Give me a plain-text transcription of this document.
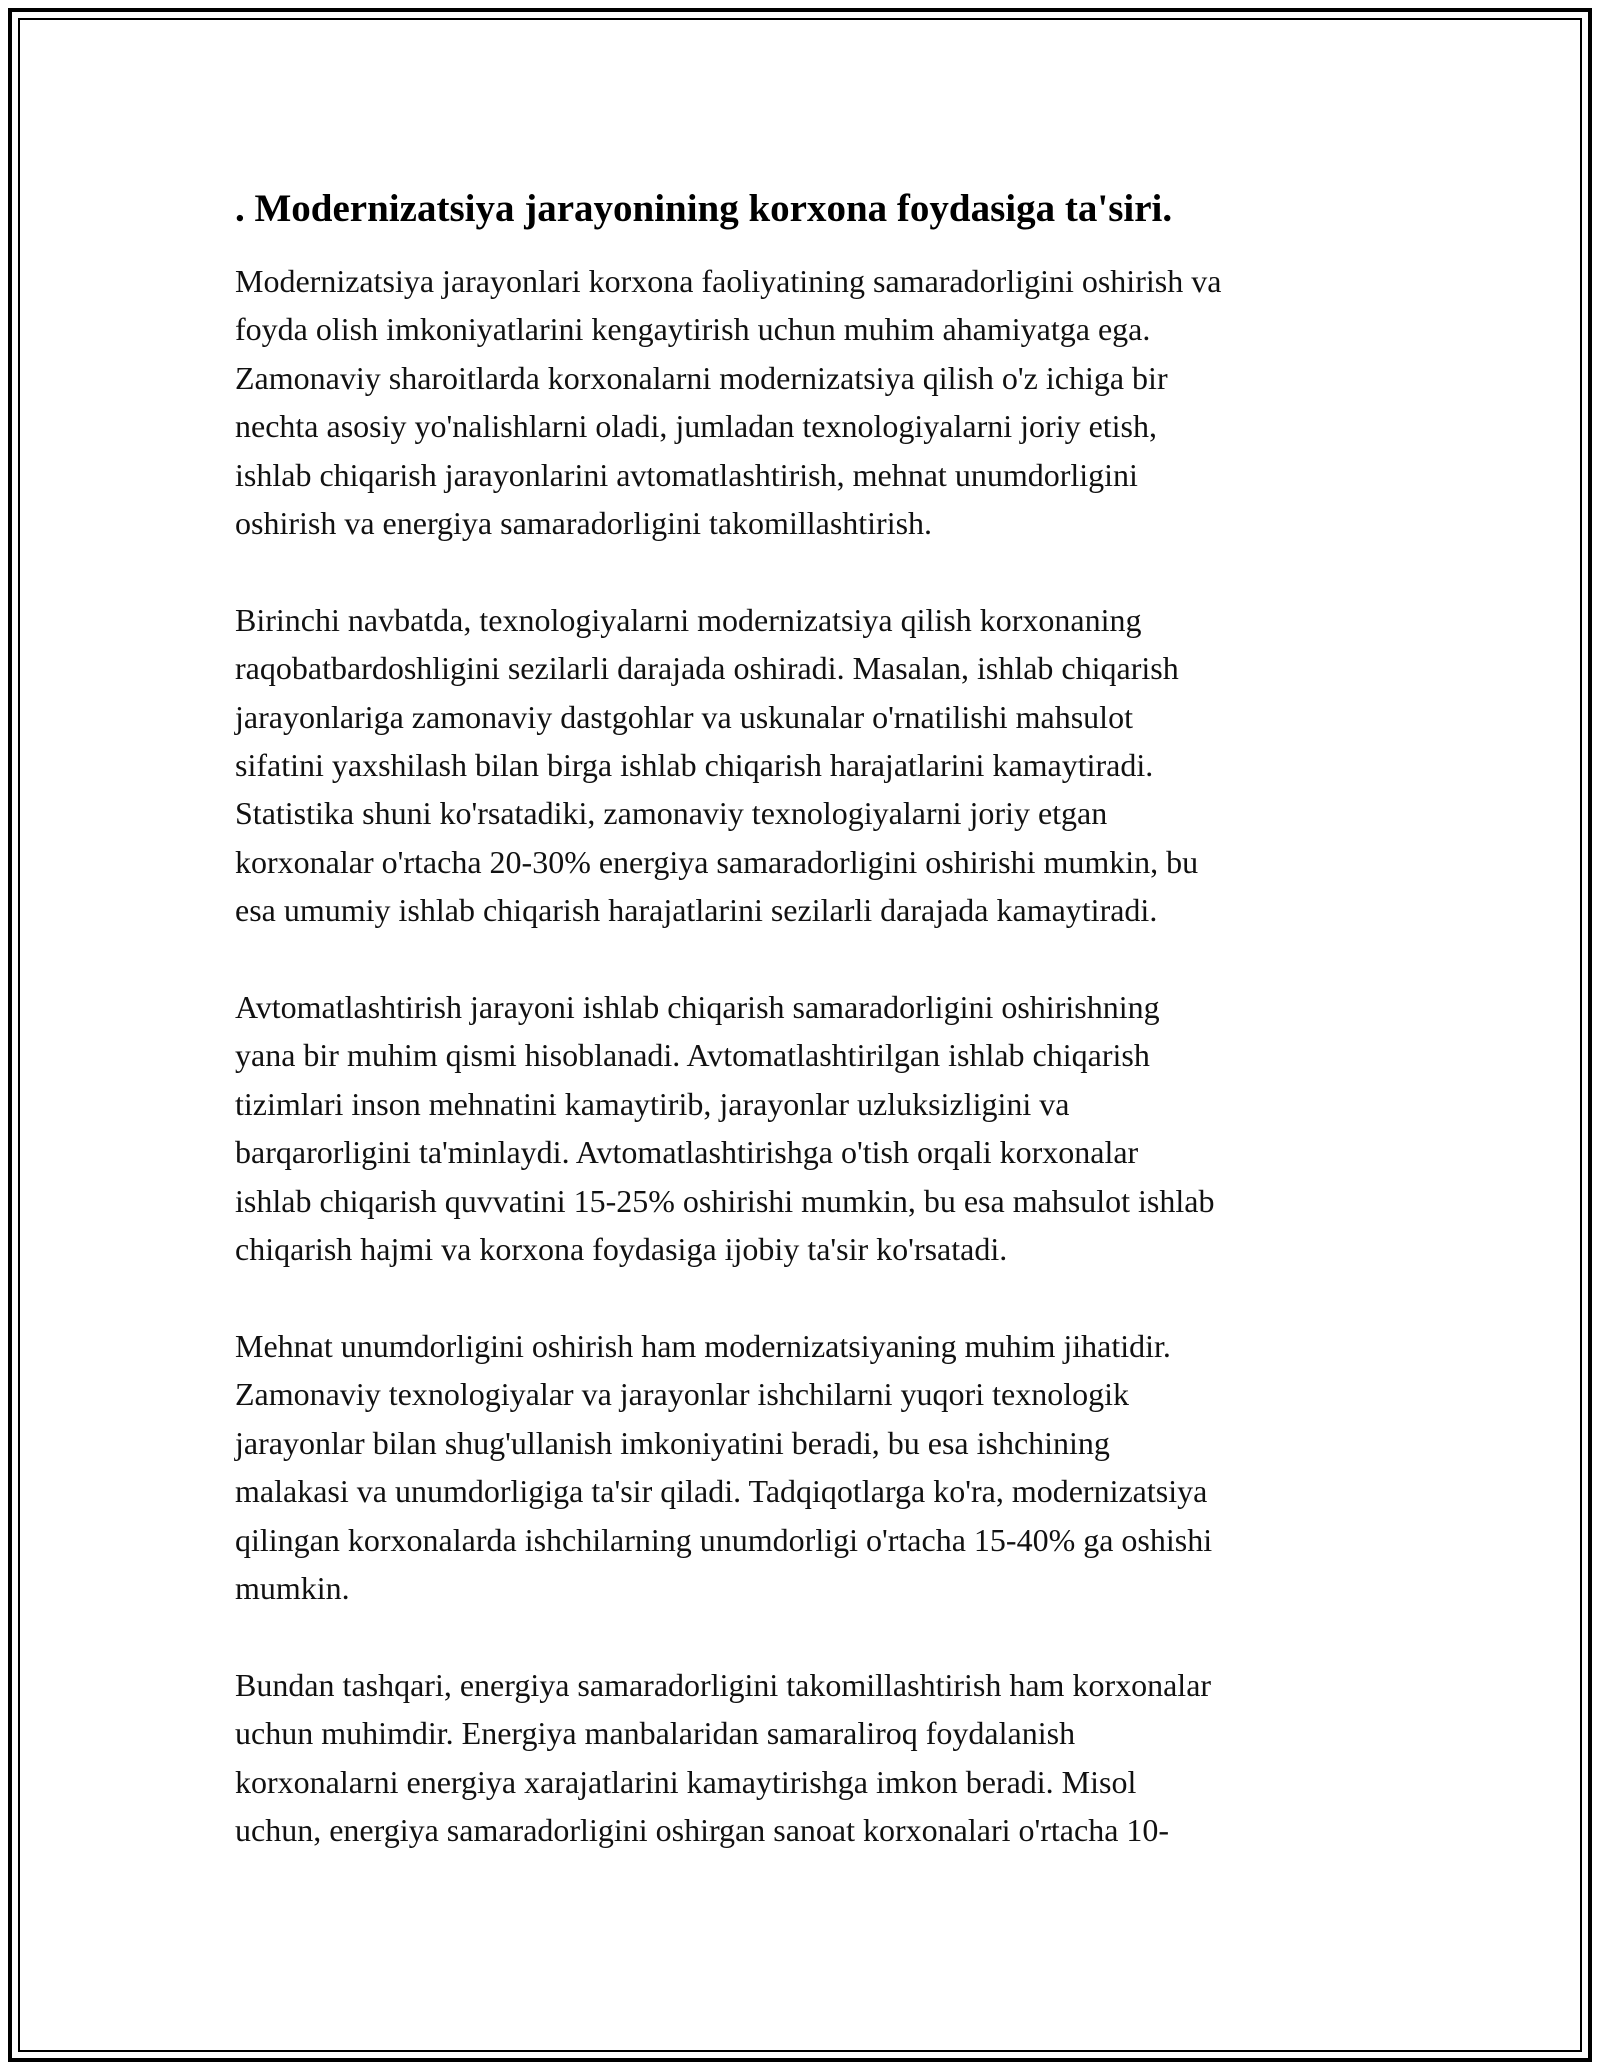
. Modernizatsiya jarayonining korxona foydasiga ta'siri.
Modernizatsiya jarayonlari korxona faoliyatining samaradorligini oshirish va
foyda olish imkoniyatlarini kengaytirish uchun muhim ahamiyatga ega.
Zamonaviy sharoitlarda korxonalarni modernizatsiya qilish o'z ichiga bir
nechta asosiy yo'nalishlarni oladi, jumladan texnologiyalarni joriy etish,
ishlab chiqarish jarayonlarini avtomatlashtirish, mehnat unumdorligini
oshirish va energiya samaradorligini takomillashtirish.
Birinchi navbatda, texnologiyalarni modernizatsiya qilish korxonaning
raqobatbardoshligini sezilarli darajada oshiradi. Masalan, ishlab chiqarish
jarayonlariga zamonaviy dastgohlar va uskunalar o'rnatilishi mahsulot
sifatini yaxshilash bilan birga ishlab chiqarish harajatlarini kamaytiradi.
Statistika shuni ko'rsatadiki, zamonaviy texnologiyalarni joriy etgan
korxonalar o'rtacha 20-30% energiya samaradorligini oshirishi mumkin, bu
esa umumiy ishlab chiqarish harajatlarini sezilarli darajada kamaytiradi.
Avtomatlashtirish jarayoni ishlab chiqarish samaradorligini oshirishning
yana bir muhim qismi hisoblanadi. Avtomatlashtirilgan ishlab chiqarish
tizimlari inson mehnatini kamaytirib, jarayonlar uzluksizligini va
barqarorligini ta'minlaydi. Avtomatlashtirishga o'tish orqali korxonalar
ishlab chiqarish quvvatini 15-25% oshirishi mumkin, bu esa mahsulot ishlab
chiqarish hajmi va korxona foydasiga ijobiy ta'sir ko'rsatadi.
Mehnat unumdorligini oshirish ham modernizatsiyaning muhim jihatidir.
Zamonaviy texnologiyalar va jarayonlar ishchilarni yuqori texnologik
jarayonlar bilan shug'ullanish imkoniyatini beradi, bu esa ishchining
malakasi va unumdorligiga ta'sir qiladi. Tadqiqotlarga ko'ra, modernizatsiya
qilingan korxonalarda ishchilarning unumdorligi o'rtacha 15-40% ga oshishi
mumkin.
Bundan tashqari, energiya samaradorligini takomillashtirish ham korxonalar
uchun muhimdir. Energiya manbalaridan samaraliroq foydalanish
korxonalarni energiya xarajatlarini kamaytirishga imkon beradi. Misol
uchun, energiya samaradorligini oshirgan sanoat korxonalari o'rtacha 10-
